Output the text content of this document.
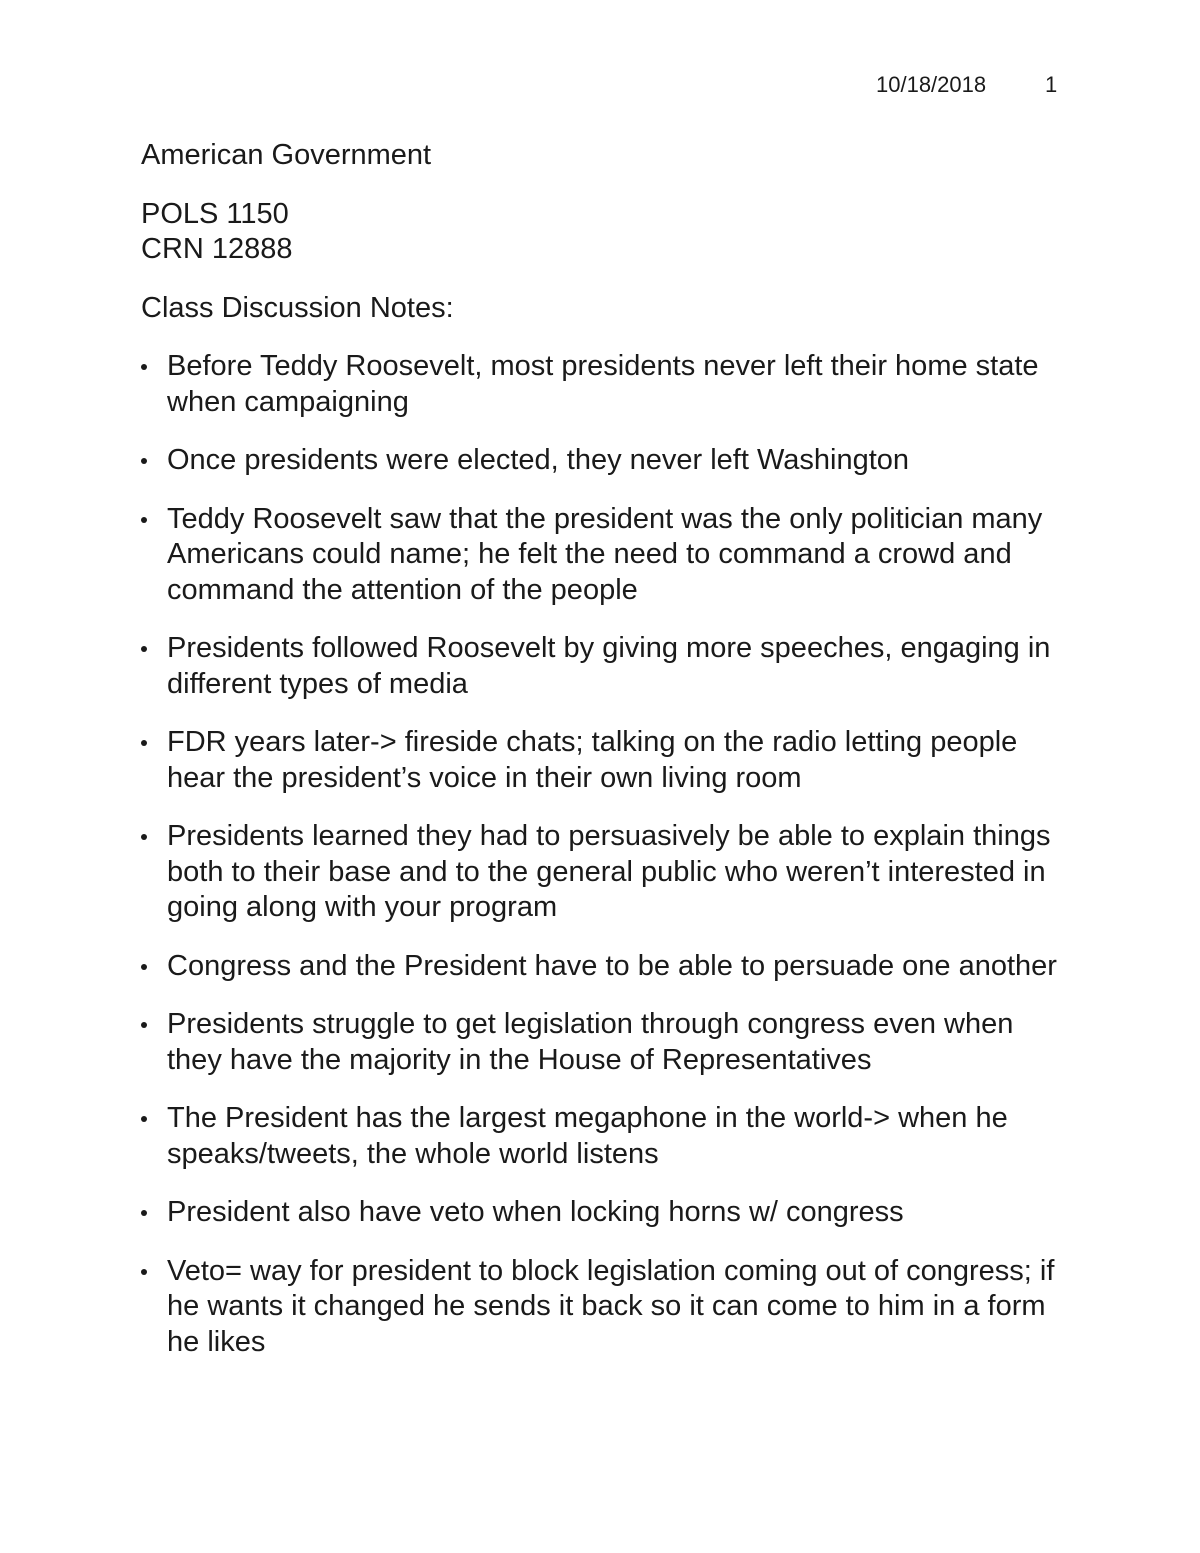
10/18/2018	1
American Government
POLS 1150
CRN 12888
Class Discussion Notes:
Before Teddy Roosevelt, most presidents never left their home state when campaigning
Once presidents were elected, they never left Washington
Teddy Roosevelt saw that the president was the only politician many Americans could name; he felt the need to command a crowd and command the attention of the people
Presidents followed Roosevelt by giving more speeches, engaging in different types of media
FDR years later-> fireside chats; talking on the radio letting people hear the president’s voice in their own living room
Presidents learned they had to persuasively be able to explain things both to their base and to the general public who weren’t interested in going along with your program
Congress and the President have to be able to persuade one another
Presidents struggle to get legislation through congress even when they have the majority in the House of Representatives
The President has the largest megaphone in the world-> when he speaks/tweets, the whole world listens
President also have veto when locking horns w/ congress
Veto= way for president to block legislation coming out of congress; if he wants it changed he sends it back so it can come to him in a form he likes
